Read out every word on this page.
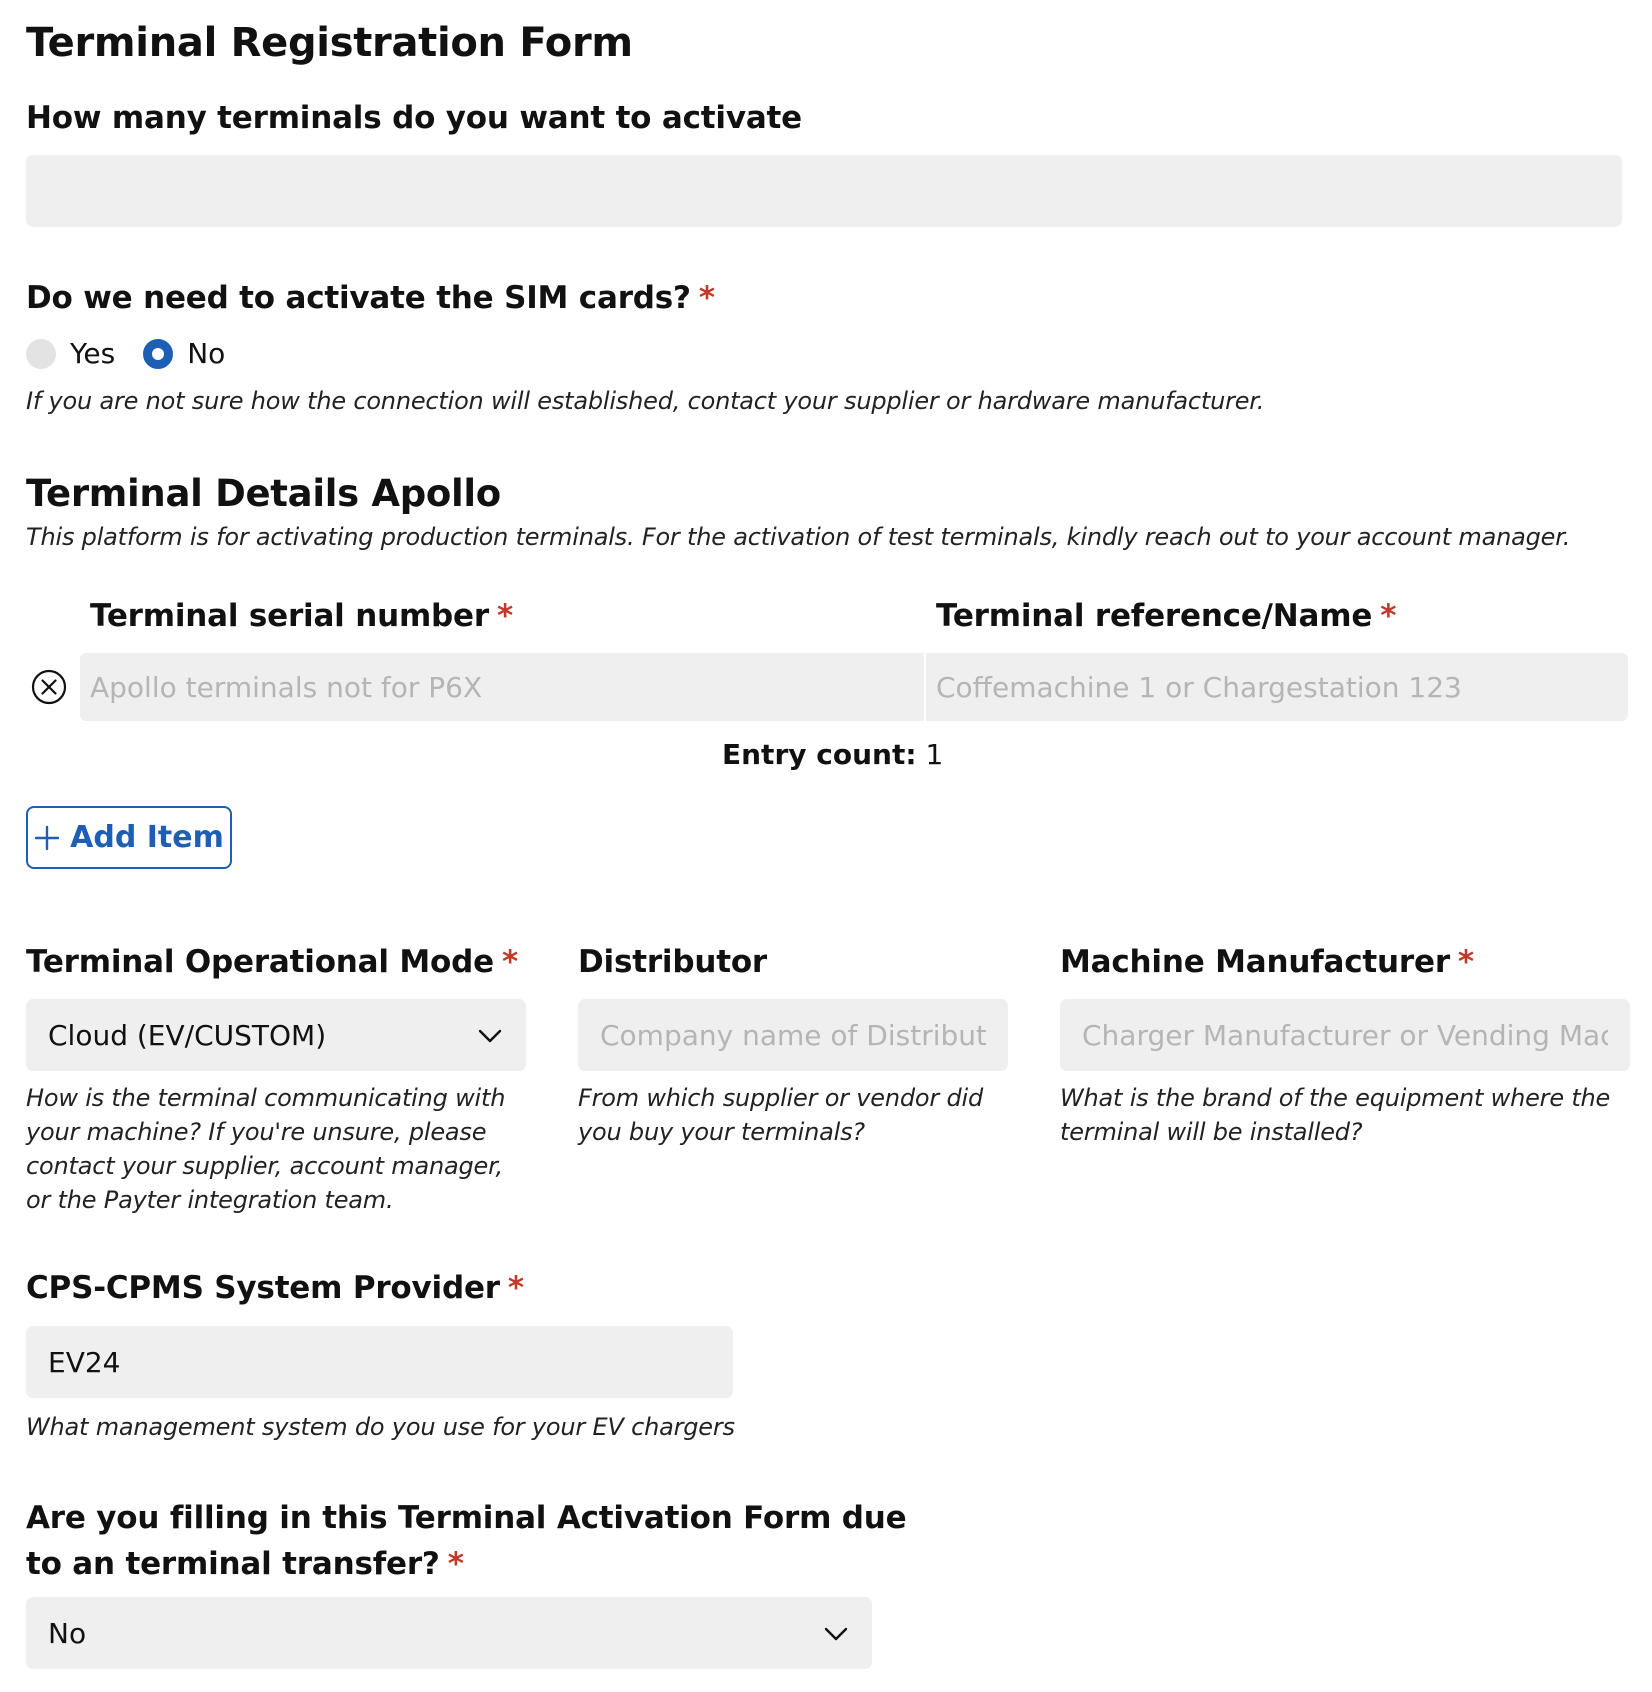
Terminal Registration Form
How many terminals do you want to activate
Do we need to activate the SIM cards? *
Yes	No
If you are not sure how the connection will established, contact your supplier or hardware manufacturer.
Terminal Details Apollo
This platform is for activating production terminals. For the activation of test terminals, kindly reach out to your account manager.
Terminal serial number *	Terminal reference/Name *
Apollo terminals not for P6X
Coffemachine 1 or Chargestation 123
Entry count: 1
Add Item
Terminal Operational Mode *
Cloud (EV/CUSTOM)
How is the terminal communicating with your machine? If you're unsure, please contact your supplier, account manager, or the Payter integration team.
Distributor
Company name of Distributor
From which supplier or vendor did you buy your terminals?
Machine Manufacturer *
Charger Manufacturer or Vending Machi
What is the brand of the equipment where the terminal will be installed?
CPS-CPMS System Provider *
EV24
What management system do you use for your EV chargers
Are you filling in this Terminal Activation Form due
to an terminal transfer? *
No
